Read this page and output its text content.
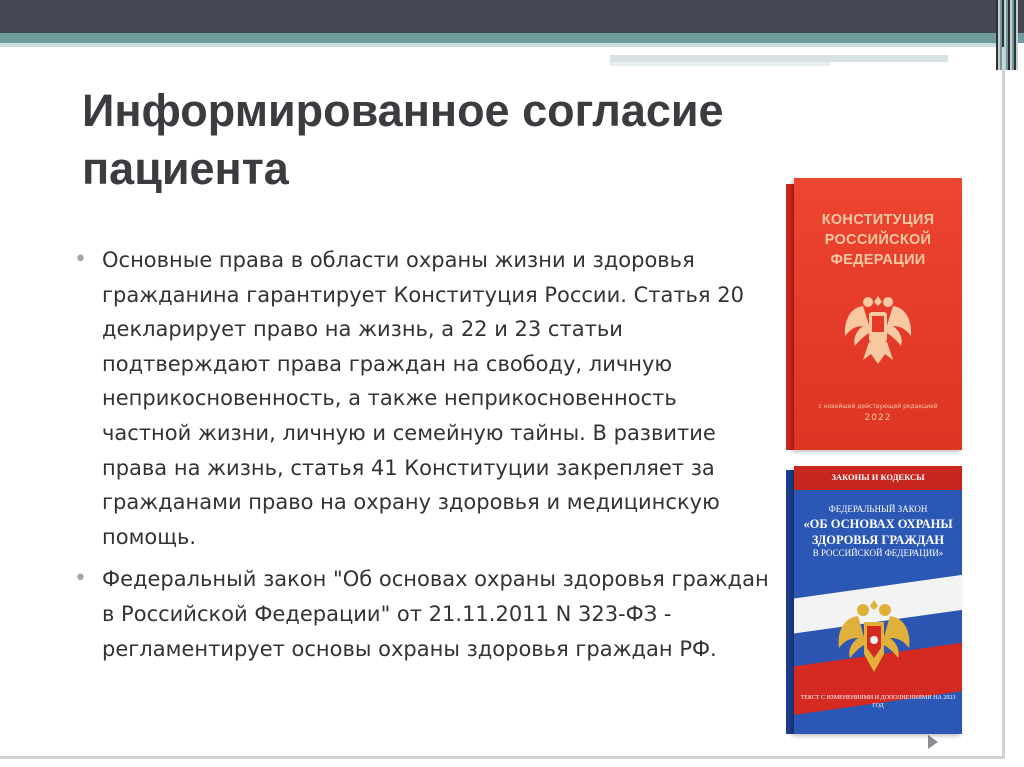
Информированное согласие пациента
• Основные права в области охраны жизни и здоровья гражданина гарантирует Конституция России. Статья 20 декларирует право на жизнь, а 22 и 23 статьи подтверждают права граждан на свободу, личную неприкосновенность, а также неприкосновенность частной жизни, личную и семейную тайны. В развитие права на жизнь, статья 41 Конституции закрепляет за гражданами право на охрану здоровья и медицинскую помощь.
• Федеральный закон "Об основах охраны здоровья граждан в Российской Федерации" от 21.11.2011 N 323-ФЗ - регламентирует основы охраны здоровья граждан РФ.
КОНСТИТУЦИЯ РОССИЙСКОЙ ФЕДЕРАЦИИ
с новейшей действующей редакцией
2022
ЗАКОНЫ И КОДЕКСЫ
ФЕДЕРАЛЬНЫЙ ЗАКОН
«ОБ ОСНОВАХ ОХРАНЫ ЗДОРОВЬЯ ГРАЖДАН
В РОССИЙСКОЙ ФЕДЕРАЦИИ»
ТЕКСТ С ИЗМЕНЕНИЯМИ И ДОПОЛНЕНИЯМИ НА 2023 ГОД
